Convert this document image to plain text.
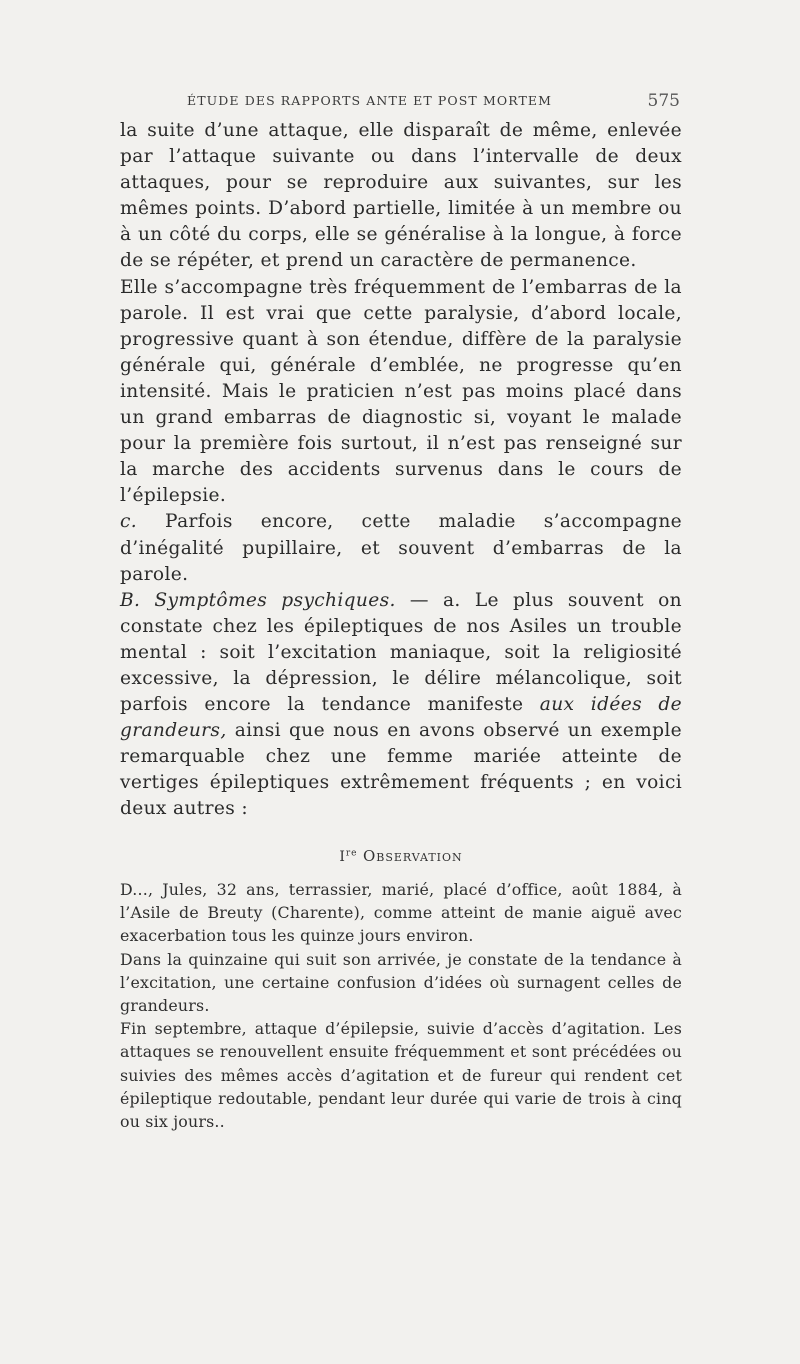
ÉTUDE DES RAPPORTS ANTE ET POST MORTEM	575

la suite d’une attaque, elle disparaît de même, enlevée par l’attaque suivante ou dans l’intervalle de deux attaques, pour se reproduire aux suivantes, sur les mêmes points. D’abord partielle, limitée à un membre ou à un côté du corps, elle se généralise à la longue, à force de se répéter, et prend un caractère de permanence.

Elle s’accompagne très fréquemment de l’embarras de la parole. Il est vrai que cette paralysie, d’abord locale, progressive quant à son étendue, diffère de la paralysie générale qui, générale d’emblée, ne progresse qu’en intensité. Mais le praticien n’est pas moins placé dans un grand embarras de diagnostic si, voyant le malade pour la première fois surtout, il n’est pas renseigné sur la marche des accidents survenus dans le cours de l’épilepsie.

c. Parfois encore, cette maladie s’accompagne d’inégalité pupillaire, et souvent d’embarras de la parole.

B. Symptômes psychiques. — a. Le plus souvent on constate chez les épileptiques de nos Asiles un trouble mental : soit l’excitation maniaque, soit la religiosité excessive, la dépression, le délire mélancolique, soit parfois encore la tendance manifeste aux idées de grandeurs, ainsi que nous en avons observé un exemple remarquable chez une femme mariée atteinte de vertiges épileptiques extrêmement fréquents ; en voici deux autres :

Ire Observation

D..., Jules, 32 ans, terrassier, marié, placé d’office, août 1884, à l’Asile de Breuty (Charente), comme atteint de manie aiguë avec exacerbation tous les quinze jours environ.

Dans la quinzaine qui suit son arrivée, je constate de la tendance à l’excitation, une certaine confusion d’idées où surnagent celles de grandeurs.

Fin septembre, attaque d’épilepsie, suivie d’accès d’agitation. Les attaques se renouvellent ensuite fréquemment et sont précédées ou suivies des mêmes accès d’agitation et de fureur qui rendent cet épileptique redoutable, pendant leur durée qui varie de trois à cinq ou six jours..
